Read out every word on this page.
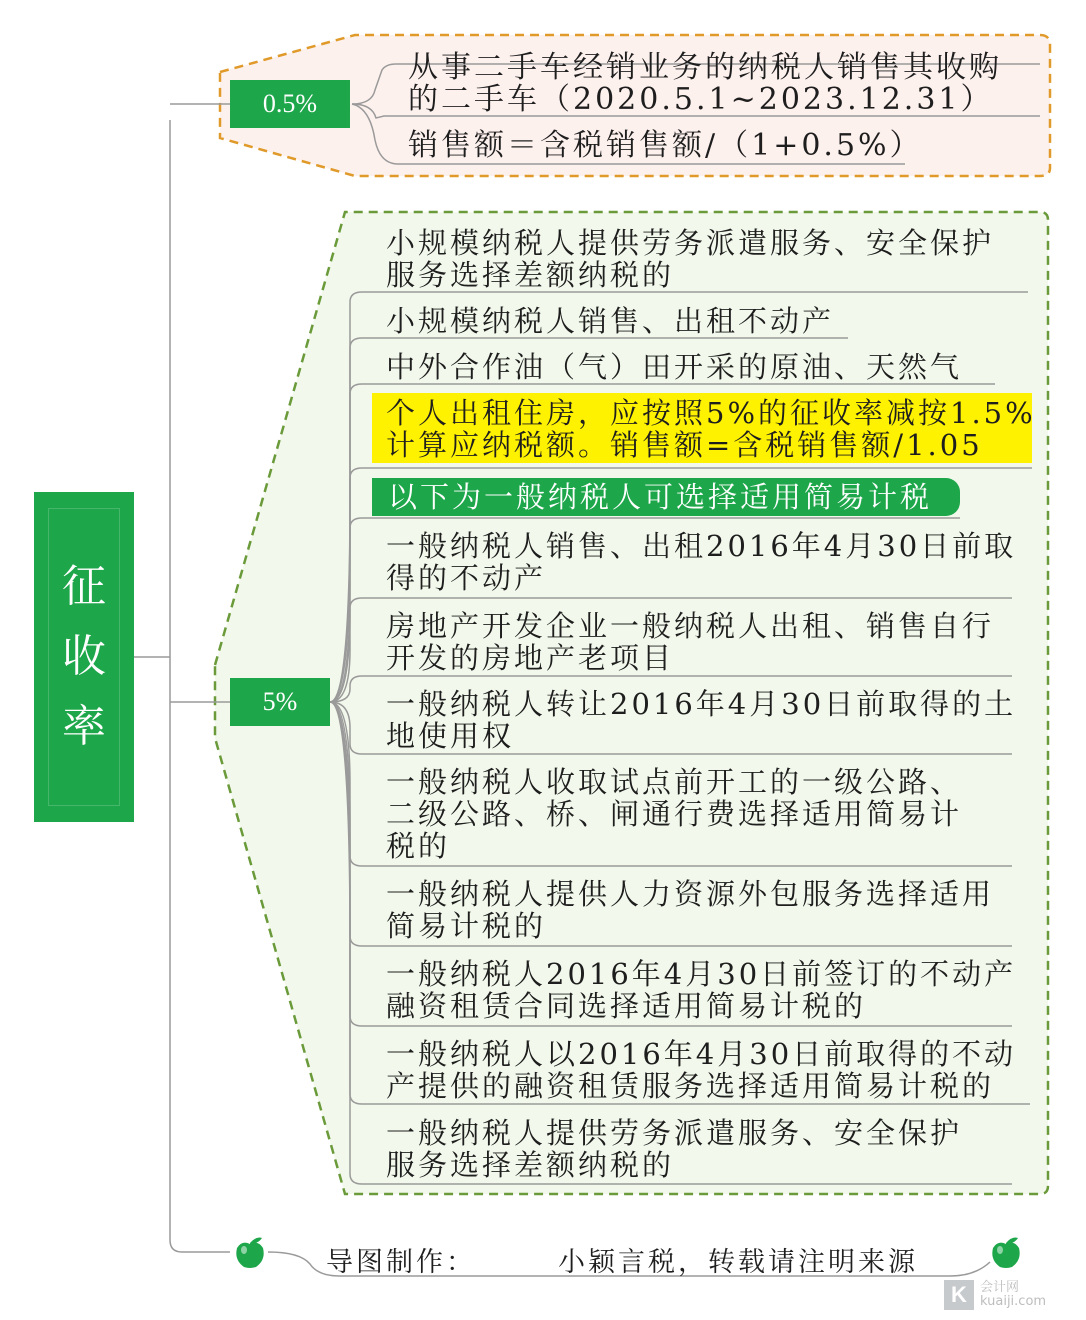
征
收
率
0.5%
5%
从事二手车经销业务的纳税人销售其收购
的二手车（2020.5.1~2023.12.31）
销售额＝含税销售额/（1+0.5%）
以下为一般纳税人可选择适用简易计税
小规模纳税人提供劳务派遣服务、安全保护
服务选择差额纳税的
小规模纳税人销售、出租不动产
中外合作油（气）田开采的原油、天然气
个人出租住房，应按照5%的征收率减按1.5%
计算应纳税额。销售额=含税销售额/1.05
一般纳税人销售、出租2016年4月30日前取
得的不动产
房地产开发企业一般纳税人出租、销售自行
开发的房地产老项目
一般纳税人转让2016年4月30日前取得的土
地使用权
一般纳税人收取试点前开工的一级公路、
二级公路、桥、闸通行费选择适用简易计
税的
一般纳税人提供人力资源外包服务选择适用
简易计税的
一般纳税人2016年4月30日前签订的不动产
融资租赁合同选择适用简易计税的
一般纳税人以2016年4月30日前取得的不动
产提供的融资租赁服务选择适用简易计税的
一般纳税人提供劳务派遣服务、安全保护
服务选择差额纳税的
导图制作：	小颖言税，转载请注明来源
K	会计网
kuaiji.com
